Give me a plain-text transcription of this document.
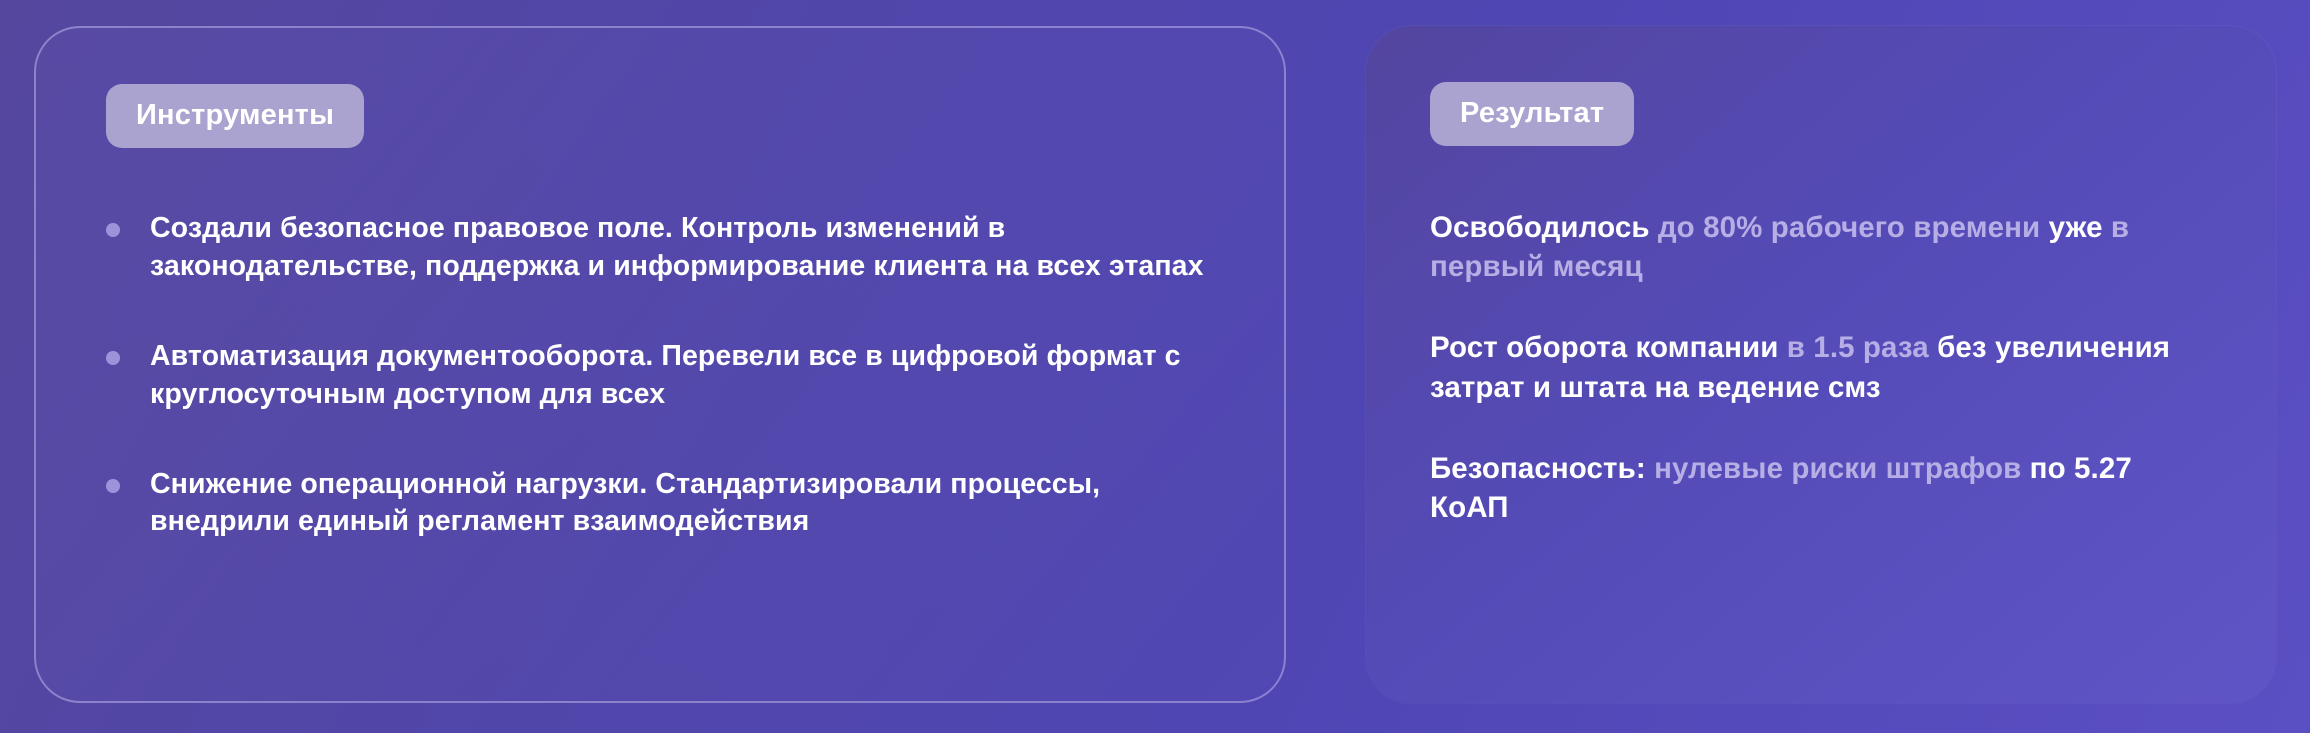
Инструменты
Создали безопасное правовое поле. Контроль изменений в законодательстве, поддержка и информирование клиента на всех этапах
Автоматизация документооборота. Перевели все в цифровой формат с круглосуточным доступом для всех
Снижение операционной нагрузки. Стандартизировали процессы, внедрили единый регламент взаимодействия
Результат

Освободилось до 80% рабочего времени уже в первый месяц

Рост оборота компании в 1.5 раза без увеличения затрат и штата на ведение смз

Безопасность: нулевые риски штрафов по 5.27 КоАП
